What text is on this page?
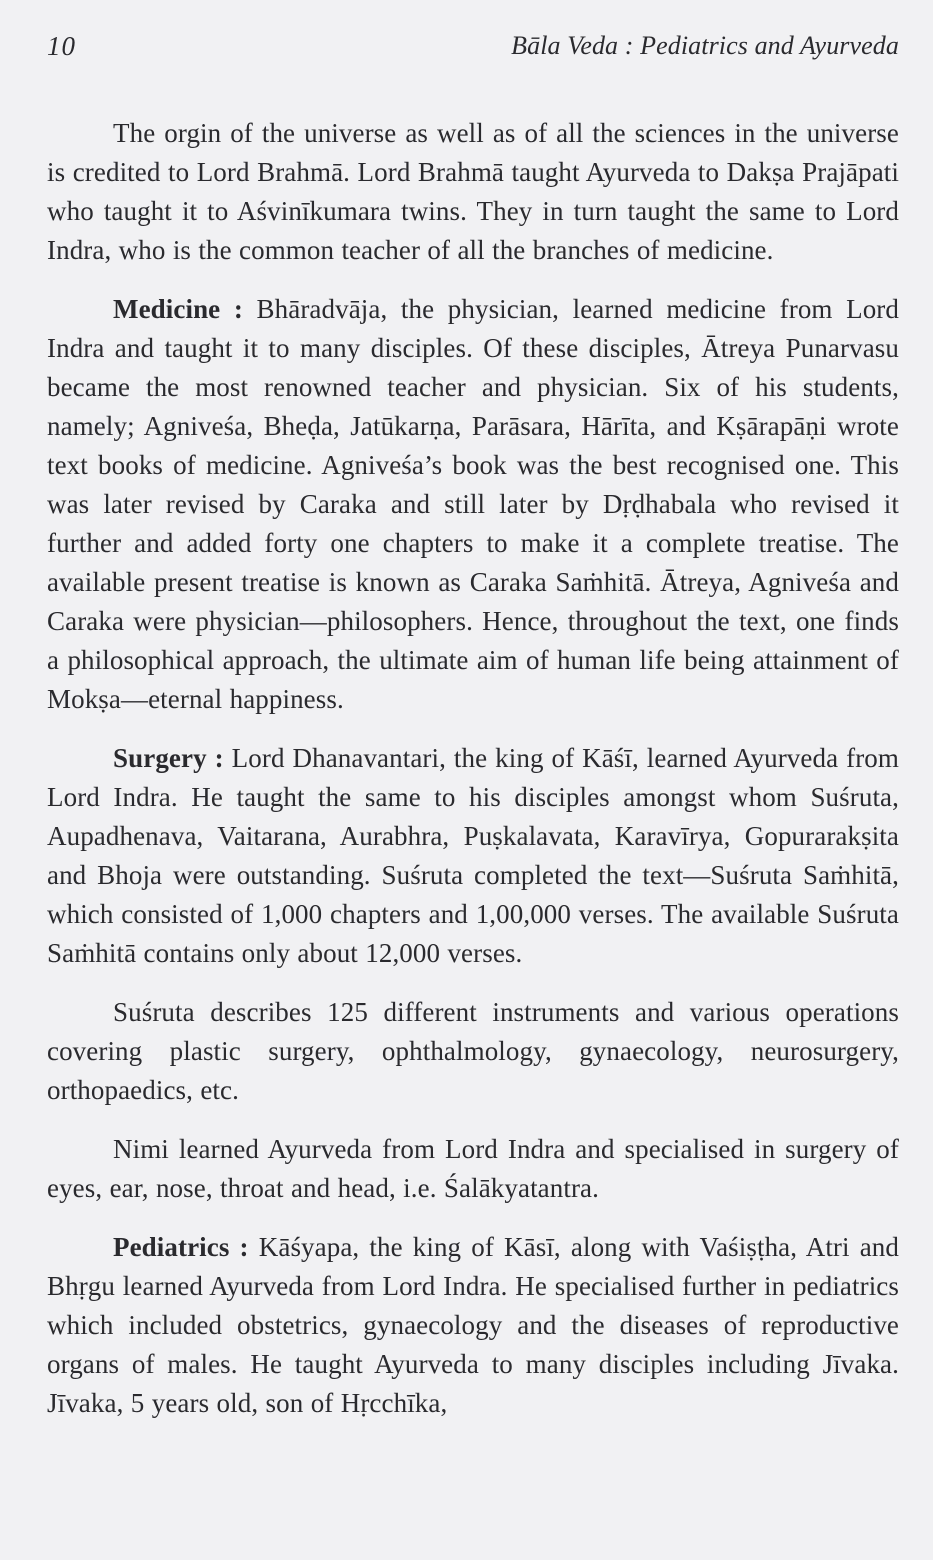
10	Bāla Veda : Pediatrics and Ayurveda

The orgin of the universe as well as of all the sciences in the universe is credited to Lord Brahmā. Lord Brahmā taught Ayurveda to Dakṣa Prajāpati who taught it to Aśvinīkumara twins. They in turn taught the same to Lord Indra, who is the common teacher of all the branches of medicine.

Medicine : Bhāradvāja, the physician, learned medicine from Lord Indra and taught it to many disciples. Of these disciples, Ātreya Punarvasu became the most renowned teacher and physician. Six of his students, namely; Agniveśa, Bheḍa, Jatūkarṇa, Parāsara, Hārīta, and Kṣārapāṇi wrote text books of medicine. Agniveśa’s book was the best recognised one. This was later revised by Caraka and still later by Dṛḍhabala who revised it further and added forty one chapters to make it a complete treatise. The available present treatise is known as Caraka Saṁhitā. Ātreya, Agniveśa and Caraka were physician—philosophers. Hence, throughout the text, one finds a philosophical approach, the ultimate aim of human life being attainment of Mokṣa—eternal happiness.

Surgery : Lord Dhanavantari, the king of Kāśī, learned Ayurveda from Lord Indra. He taught the same to his disciples amongst whom Suśruta, Aupadhenava, Vaitarana, Aurabhra, Puṣkalavata, Karavīrya, Gopurarakṣita and Bhoja were outstanding. Suśruta completed the text—Suśruta Saṁhitā, which consisted of 1,000 chapters and 1,00,000 verses. The available Suśruta Saṁhitā contains only about 12,000 verses.

Suśruta describes 125 different instruments and various operations covering plastic surgery, ophthalmology, gynaecology, neurosurgery, orthopaedics, etc.

Nimi learned Ayurveda from Lord Indra and specialised in surgery of eyes, ear, nose, throat and head, i.e. Śalākyatantra.

Pediatrics : Kāśyapa, the king of Kāsī, along with Vaśiṣṭha, Atri and Bhṛgu learned Ayurveda from Lord Indra. He specialised further in pediatrics which included obstetrics, gynaecology and the diseases of reproductive organs of males. He taught Ayurveda to many disciples including Jīvaka. Jīvaka, 5 years old, son of Hṛcchīka,
